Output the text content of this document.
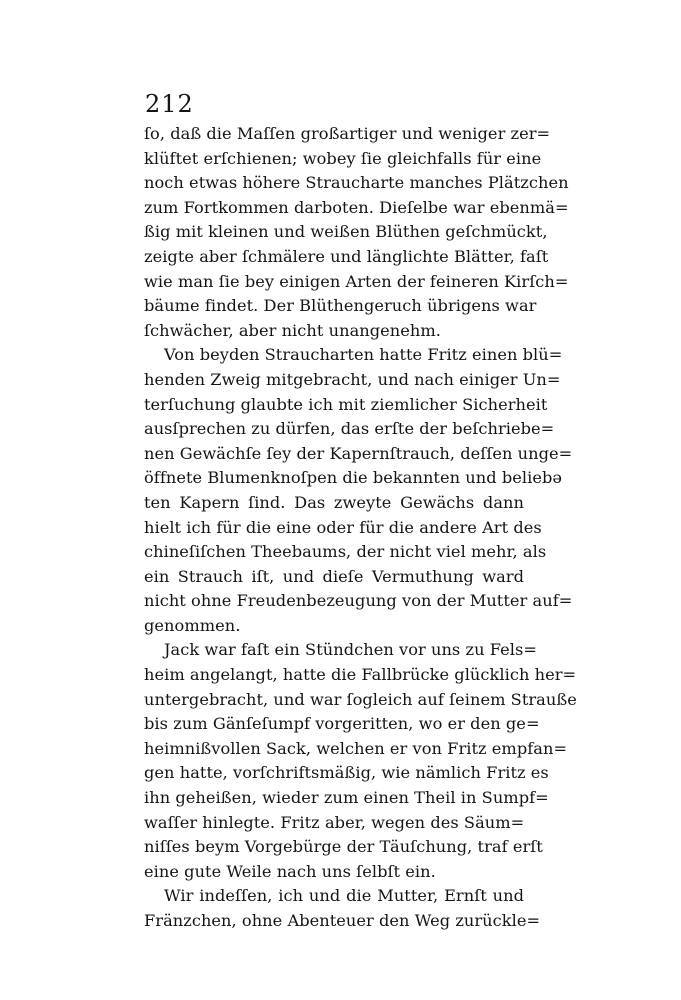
212
ſo, daß die Maſſen großartiger und weniger zer=
klüftet erſchienen; wobey ſie gleichfalls für eine
noch etwas höhere Straucharte manches Plätzchen
zum Fortkommen darboten. Dieſelbe war ebenmä=
ßig mit kleinen und weißen Blüthen geſchmückt,
zeigte aber ſchmälere und länglichte Blätter, faſt
wie man ſie bey einigen Arten der feineren Kirſch=
bäume findet. Der Blüthengeruch übrigens war
ſchwächer, aber nicht unangenehm.
Von beyden Straucharten hatte Fritz einen blü=
henden Zweig mitgebracht, und nach einiger Un=
terſuchung glaubte ich mit ziemlicher Sicherheit
ausſprechen zu dürfen, das erſte der beſchriebe=
nen Gewächſe ſey der Kapernſtrauch, deſſen unge=
öffnete Blumenknoſpen die bekannten und beliebə
ten Kapern ſind. Das zweyte Gewächs dann
hielt ich für die eine oder für die andere Art des
chineſiſchen Theebaums, der nicht viel mehr, als
ein Strauch iſt, und dieſe Vermuthung ward
nicht ohne Freudenbezeugung von der Mutter auf=
genommen.
Jack war faſt ein Stündchen vor uns zu Fels=
heim angelangt, hatte die Fallbrücke glücklich her=
untergebracht, und war ſogleich auf ſeinem Strauße
bis zum Gänſeſumpf vorgeritten, wo er den ge=
heimnißvollen Sack, welchen er von Fritz empfan=
gen hatte, vorſchriftsmäßig, wie nämlich Fritz es
ihn geheißen, wieder zum einen Theil in Sumpf=
waſſer hinlegte. Fritz aber, wegen des Säum=
niſſes beym Vorgebürge der Täuſchung, traf erſt
eine gute Weile nach uns ſelbſt ein.
Wir indeſſen, ich und die Mutter, Ernſt und
Fränzchen, ohne Abenteuer den Weg zurückle=
